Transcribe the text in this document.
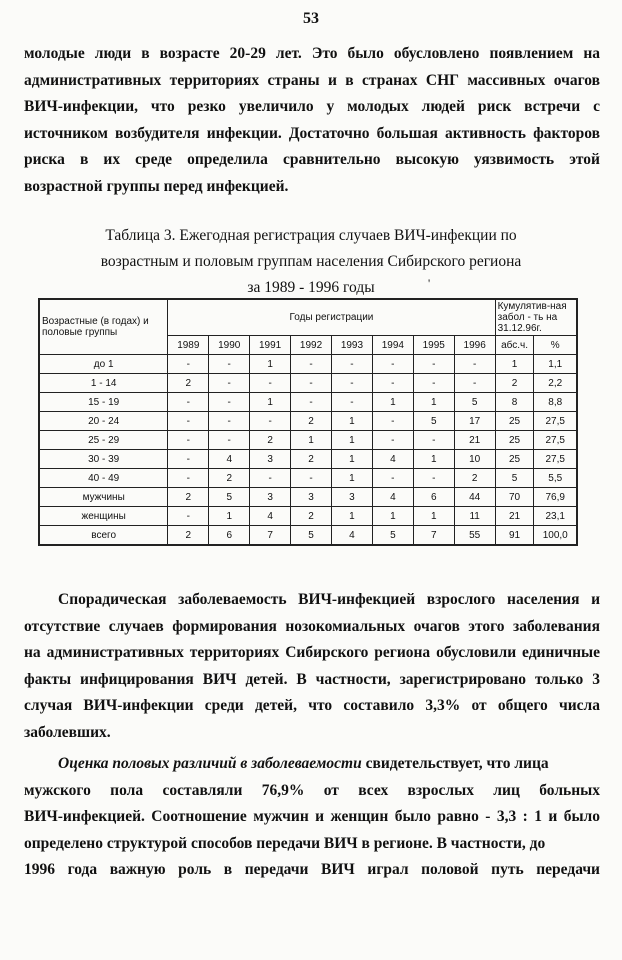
53
молодые люди в возрасте 20-29 лет. Это было обусловлено появлением на
административных территориях страны и в странах СНГ массивных очагов
ВИЧ-инфекции, что резко увеличило у молодых людей риск встречи с
источником возбудителя инфекции. Достаточно большая активность факторов
риска в их среде определила сравнительно высокую уязвимость этой
возрастной группы перед инфекцией.
Таблица 3. Ежегодная регистрация случаев ВИЧ-инфекции по
возрастным и половым группам населения Сибирского региона
за 1989 - 1996 годы	'
Возрастные (в годах) и половые группы	Годы регистрации								Кумулятив-ная забол - ть на 31.12.96г.	
	1989	1990	1991	1992	1993	1994	1995	1996	абс.ч.	%
до 1	-	-	1	-	-	-	-	-	1	1,1
1 - 14	2	-	-	-	-	-	-	-	2	2,2
15 - 19	-	-	1	-	-	1	1	5	8	8,8
20 - 24	-	-	-	2	1	-	5	17	25	27,5
25 - 29	-	-	2	1	1	-	-	21	25	27,5
30 - 39	-	4	3	2	1	4	1	10	25	27,5
40 - 49	-	2	-	-	1	-	-	2	5	5,5
мужчины	2	5	3	3	3	4	6	44	70	76,9
женщины	-	1	4	2	1	1	1	11	21	23,1
всего	2	6	7	5	4	5	7	55	91	100,0
Спорадическая заболеваемость ВИЧ-инфекцией взрослого населения и
отсутствие случаев формирования нозокомиальных очагов этого заболевания
на административных территориях Сибирского региона обусловили единичные
факты инфицирования ВИЧ детей. В частности, зарегистрировано только 3
случая ВИЧ-инфекции среди детей, что составило 3,3% от общего числа
заболевших.
Оценка половых различий в заболеваемости свидетельствует, что лица
мужского пола составляли 76,9% от всех взрослых лиц больных
ВИЧ-инфекцией. Соотношение мужчин и женщин было равно - 3,3 : 1 и было
определено структурой способов передачи ВИЧ в регионе. В частности, до
1996 года важную роль в передачи ВИЧ играл половой путь передачи
